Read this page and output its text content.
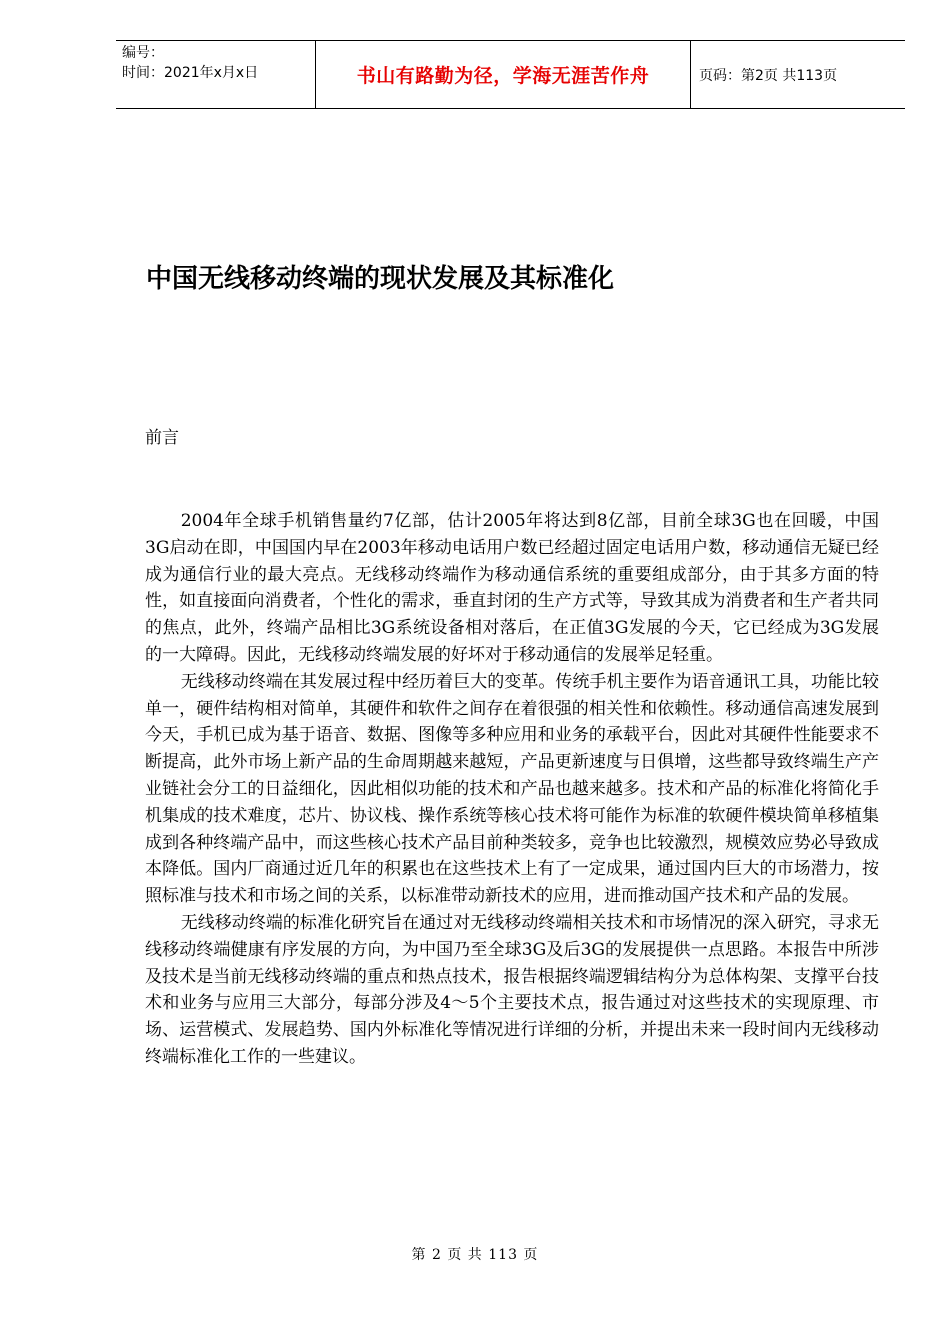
编号：
时间：2021年x月x日	书山有路勤为径，学海无涯苦作舟	页码：第2页 共113页
中国无线移动终端的现状发展及其标准化
前言

2004年全球手机销售量约7亿部，估计2005年将达到8亿部，目前全球3G也在回暖，中国3G启动在即，中国国内早在2003年移动电话用户数已经超过固定电话用户数，移动通信无疑已经成为通信行业的最大亮点。无线移动终端作为移动通信系统的重要组成部分，由于其多方面的特性，如直接面向消费者，个性化的需求，垂直封闭的生产方式等，导致其成为消费者和生产者共同的焦点，此外，终端产品相比3G系统设备相对落后，在正值3G发展的今天，它已经成为3G发展的一大障碍。因此，无线移动终端发展的好坏对于移动通信的发展举足轻重。

无线移动终端在其发展过程中经历着巨大的变革。传统手机主要作为语音通讯工具，功能比较单一，硬件结构相对简单，其硬件和软件之间存在着很强的相关性和依赖性。移动通信高速发展到今天，手机已成为基于语音、数据、图像等多种应用和业务的承载平台，因此对其硬件性能要求不断提高，此外市场上新产品的生命周期越来越短，产品更新速度与日俱增，这些都导致终端生产产业链社会分工的日益细化，因此相似功能的技术和产品也越来越多。技术和产品的标准化将简化手机集成的技术难度，芯片、协议栈、操作系统等核心技术将可能作为标准的软硬件模块简单移植集成到各种终端产品中，而这些核心技术产品目前种类较多，竞争也比较激烈，规模效应势必导致成本降低。国内厂商通过近几年的积累也在这些技术上有了一定成果，通过国内巨大的市场潜力，按照标准与技术和市场之间的关系，以标准带动新技术的应用，进而推动国产技术和产品的发展。

无线移动终端的标准化研究旨在通过对无线移动终端相关技术和市场情况的深入研究，寻求无线移动终端健康有序发展的方向，为中国乃至全球3G及后3G的发展提供一点思路。本报告中所涉及技术是当前无线移动终端的重点和热点技术，报告根据终端逻辑结构分为总体构架、支撑平台技术和业务与应用三大部分，每部分涉及4～5个主要技术点，报告通过对这些技术的实现原理、市场、运营模式、发展趋势、国内外标准化等情况进行详细的分析，并提出未来一段时间内无线移动终端标准化工作的一些建议。

第 2 页 共 113 页
